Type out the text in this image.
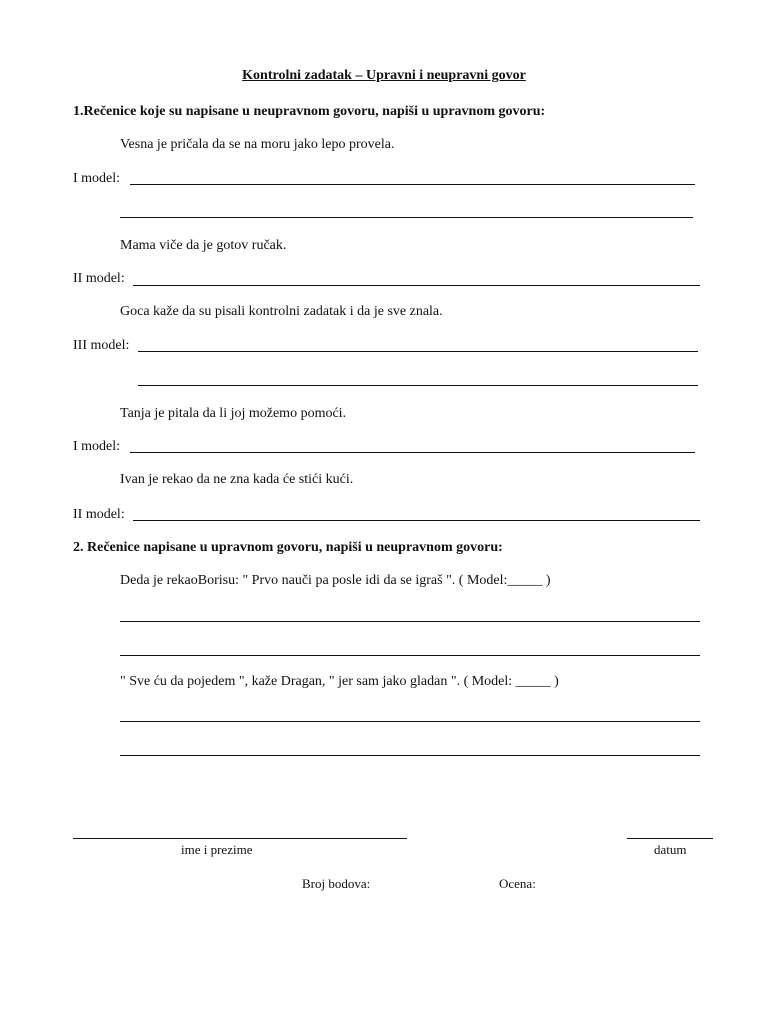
Kontrolni zadatak – Upravni i neupravni govor
1.Rečenice koje su napisane u neupravnom govoru, napiši u upravnom govoru:
Vesna je pričala da se na moru jako lepo provela.
I model:
Mama viče da je gotov ručak.
II model:
Goca kaže da su pisali kontrolni zadatak i da je sve znala.
III model:
Tanja je pitala da li joj možemo pomoći.
I model:
Ivan je rekao da ne zna kada će stići kući.
II model:
2. Rečenice napisane u upravnom govoru, napiši u neupravnom govoru:
Deda je rekaoBorisu: " Prvo nauči pa posle idi da se igraš ". ( Model:_____ )
" Sve ću da pojedem ", kaže Dragan, " jer sam jako gladan ". ( Model: _____ )
ime i prezime	datum
Broj bodova:	Ocena:
